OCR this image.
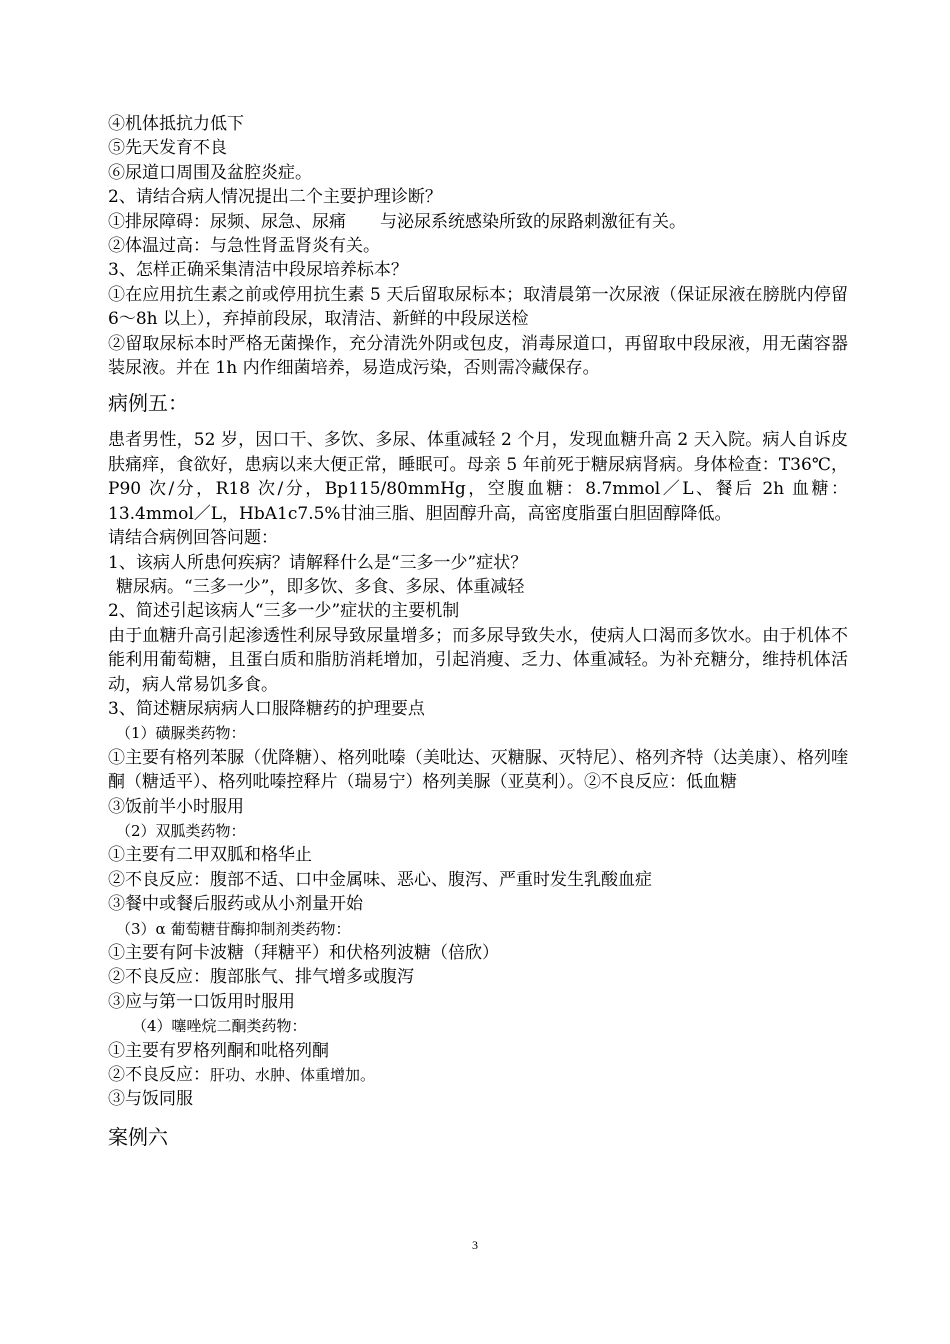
④机体抵抗力低下

⑤先天发育不良

⑥尿道口周围及盆腔炎症。

2、请结合病人情况提出二个主要护理诊断？

①排尿障碍：尿频、尿急、尿痛　　与泌尿系统感染所致的尿路刺激征有关。

②体温过高：与急性肾盂肾炎有关。

3、怎样正确采集清洁中段尿培养标本？

①在应用抗生素之前或停用抗生素 5 天后留取尿标本；取清晨第一次尿液（保证尿液在膀胱内停留 6～8h 以上），弃掉前段尿，取清洁、新鲜的中段尿送检

②留取尿标本时严格无菌操作，充分清洗外阴或包皮，消毒尿道口，再留取中段尿液，用无菌容器装尿液。并在 1h 内作细菌培养，易造成污染，否则需冷藏保存。

病例五：

患者男性，52 岁，因口干、多饮、多尿、体重减轻 2 个月，发现血糖升高 2 天入院。病人自诉皮肤痛痒，食欲好，患病以来大便正常，睡眠可。母亲 5 年前死于糖尿病肾病。身体检查：T36℃，P90 次/分，R18 次/分，Bp115/80mmHg，空腹血糖：8.7mmol／L、餐后 2h 血糖：13.4mmol／L，HbA1c7.5%甘油三脂、胆固醇升高，高密度脂蛋白胆固醇降低。

请结合病例回答问题：

1、该病人所患何疾病？请解释什么是“三多一少”症状？

糖尿病。“三多一少”，即多饮、多食、多尿、体重减轻

2、简述引起该病人“三多一少”症状的主要机制

由于血糖升高引起渗透性利尿导致尿量增多；而多尿导致失水，使病人口渴而多饮水。由于机体不能利用葡萄糖，且蛋白质和脂肪消耗增加，引起消瘦、乏力、体重减轻。为补充糖分，维持机体活动，病人常易饥多食。

3、简述糖尿病病人口服降糖药的护理要点

（1）磺脲类药物：

①主要有格列苯脲（优降糖）、格列吡嗪（美吡达、灭糖脲、灭特尼）、格列齐特（达美康）、格列喹酮（糖适平）、格列吡嗪控释片（瑞易宁）格列美脲（亚莫利）。②不良反应：低血糖

③饭前半小时服用

（2）双胍类药物：

①主要有二甲双胍和格华止

②不良反应：腹部不适、口中金属味、恶心、腹泻、严重时发生乳酸血症

③餐中或餐后服药或从小剂量开始

（3）α 葡萄糖苷酶抑制剂类药物：

①主要有阿卡波糖（拜糖平）和伏格列波糖（倍欣）

②不良反应：腹部胀气、排气增多或腹泻

③应与第一口饭用时服用

（4）噻唑烷二酮类药物：

①主要有罗格列酮和吡格列酮

②不良反应：肝功、水肿、体重增加。

③与饭同服

案例六
3
